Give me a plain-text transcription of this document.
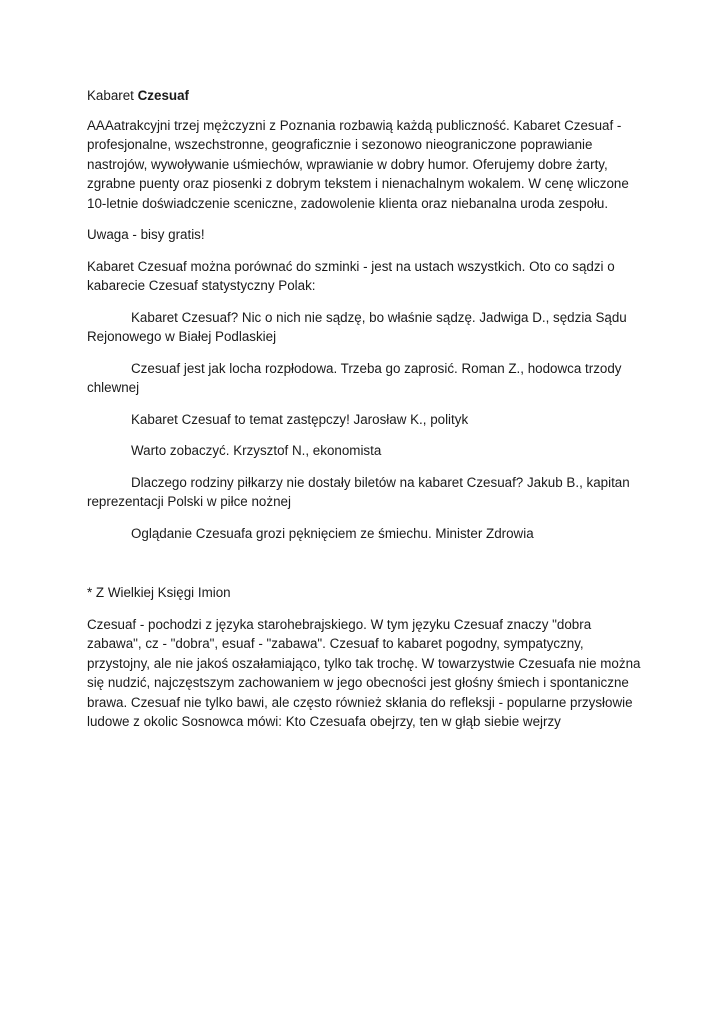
Kabaret Czesuaf

AAAatrakcyjni trzej mężczyzni z Poznania rozbawią każdą publiczność. Kabaret Czesuaf - profesjonalne, wszechstronne, geograficznie i sezonowo nieograniczone poprawianie nastrojów, wywoływanie uśmiechów, wprawianie w dobry humor. Oferujemy dobre żarty, zgrabne puenty oraz piosenki z dobrym tekstem i nienachalnym wokalem. W cenę wliczone 10-letnie doświadczenie sceniczne, zadowolenie klienta oraz niebanalna uroda zespołu.

Uwaga - bisy gratis!

Kabaret Czesuaf można porównać do szminki - jest na ustach wszystkich. Oto co sądzi o kabarecie Czesuaf statystyczny Polak:

Kabaret Czesuaf? Nic o nich nie sądzę, bo właśnie sądzę. Jadwiga D., sędzia Sądu Rejonowego w Białej Podlaskiej

Czesuaf jest jak locha rozpłodowa. Trzeba go zaprosić. Roman Z., hodowca trzody chlewnej

Kabaret Czesuaf to temat zastępczy! Jarosław K., polityk

Warto zobaczyć. Krzysztof N., ekonomista

Dlaczego rodziny piłkarzy nie dostały biletów na kabaret Czesuaf? Jakub B., kapitan reprezentacji Polski w piłce nożnej

Oglądanie Czesuafa grozi pęknięciem ze śmiechu. Minister Zdrowia

* Z Wielkiej Księgi Imion

Czesuaf - pochodzi z języka starohebrajskiego. W tym języku Czesuaf znaczy "dobra zabawa", cz - "dobra", esuaf - "zabawa". Czesuaf to kabaret pogodny, sympatyczny, przystojny, ale nie jakoś oszałamiająco, tylko tak trochę. W towarzystwie Czesuafa nie można się nudzić, najczęstszym zachowaniem w jego obecności jest głośny śmiech i spontaniczne brawa. Czesuaf nie tylko bawi, ale często również skłania do refleksji - popularne przysłowie ludowe z okolic Sosnowca mówi: Kto Czesuafa obejrzy, ten w głąb siebie wejrzy
